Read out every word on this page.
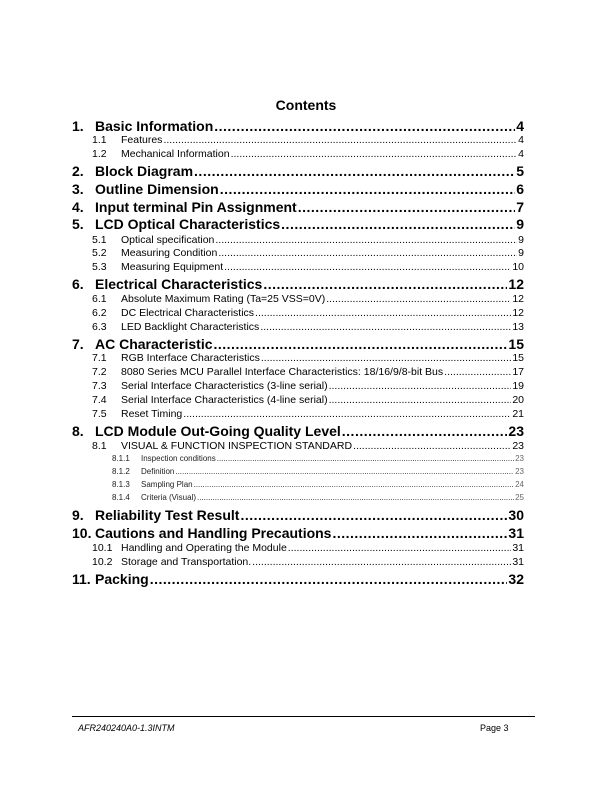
Contents
1. Basic Information .....	4
1.1	Features .....	4
1.2	Mechanical Information .....	4
2. Block Diagram .....	5
3. Outline Dimension .....	6
4. Input terminal Pin Assignment .....	7
5. LCD Optical Characteristics .....	9
5.1	Optical specification .....	9
5.2	Measuring Condition .....	9
5.3	Measuring Equipment .....	10
6. Electrical Characteristics .....	12
6.1	Absolute Maximum Rating (Ta=25 VSS=0V) .....	12
6.2	DC Electrical Characteristics .....	12
6.3	LED Backlight Characteristics .....	13
7. AC Characteristic .....	15
7.1	RGB Interface Characteristics .....	15
7.2	8080 Series MCU Parallel Interface Characteristics: 18/16/9/8-bit Bus .....	17
7.3	Serial Interface Characteristics (3-line serial) .....	19
7.4	Serial Interface Characteristics (4-line serial) .....	20
7.5	Reset Timing .....	21
8. LCD Module Out-Going Quality Level .....	23
8.1	VISUAL & FUNCTION INSPECTION STANDARD .....	23
8.1.1	Inspection conditions .....	23
8.1.2	Definition .....	23
8.1.3	Sampling Plan .....	24
8.1.4	Criteria (Visual) .....	25
9. Reliability Test Result .....	30
10. Cautions and Handling Precautions .....	31
10.1 Handling and Operating the Module .....	31
10.2 Storage and Transportation. .....	31
11. Packing .....	32
AFR240240A0-1.3INTM	Page 3
